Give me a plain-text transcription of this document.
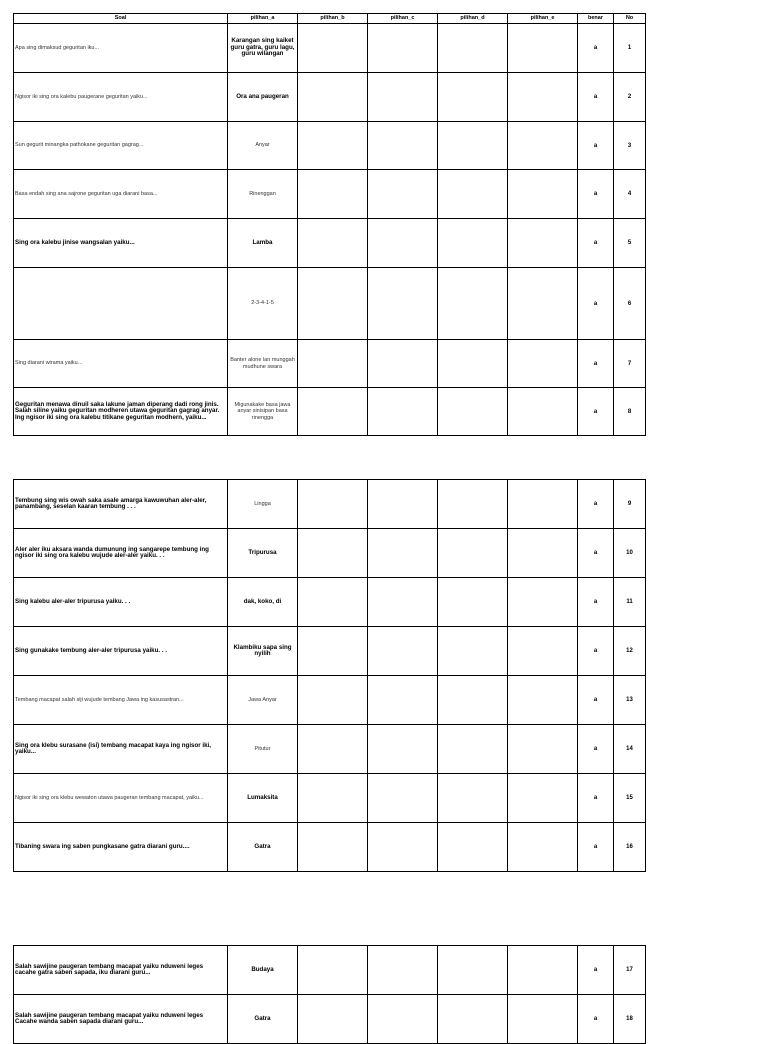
Soal	pilihan_a	pilihan_b	pilihan_c	pilihan_d	pilihan_e	benar	No
Apa sing dimaksud geguritan iku...	Karangan sing kaiket guru gatra, guru lagu, guru wilangan					a	1
Ngisor iki sing ora kalebu paugerane geguritan yaiku...	Ora ana paugeran					a	2
Sun gegurit minangka pathokane geguritan gagrag...	Anyar					a	3
Basa endah sing ana sajrone geguritan uga diarani basa...	Rinenggan					a	4
Sing ora kalebu jinise wangsalan yaiku...	Lamba					a	5
	2-3-4-1-5					a	6
Sing diarani wirama yaiku...	Banter alone lan munggah mudhune swara					a	7
Geguritan menawa dinuil saka lakune jaman diperang dadi rong jinis. Salah siline yaiku geguritan modheren utawa geguritan gagrag anyar. Ing ngisor iki sing ora kalebu titikane geguritan modhern, yaiku...	Migunakake basa jawa anyar sinisipan basa rinengga					a	8
Tembung sing wis owah saka asale amarga kawuwuhan aler-aler, panambang, seselan kaaran tembung . . .	Lingga					a	9
Aler aler iku aksara wanda dumunung ing sangarepe tembung ing ngisor iki sing ora kalebu wujude aler-aler yaiku. . .	Tripurusa					a	10
Sing kalebu aler-aler tripurusa yaiku. . .	dak, koko, di					a	11
Sing gunakake tembung aler-aler tripurusa yaiku. . .	Klambiku sapa sing nyilih					a	12
Tembang macapat salah siji wujude tembang Jawa ing kasusastran...	Jawa Anyar					a	13
Sing ora klebu surasane (isi) tembang macapat kaya ing ngisor iki, yaiku...	Pitutur					a	14
Ngisor iki sing ora klebu wewaton utawa paugeran tembang macapat, yaiku...	Lumaksita					a	15
Tibaning swara ing saben pungkasane gatra diarani guru....	Gatra					a	16
Salah sawijine paugeran tembang macapat yaiku nduweni leges cacahe gatra saben sapada, iku diarani guru...	Budaya					a	17
Salah sawijine paugeran tembang macapat yaiku nduweni leges Cacahe wanda saben sapada diarani guru...	Gatra					a	18
